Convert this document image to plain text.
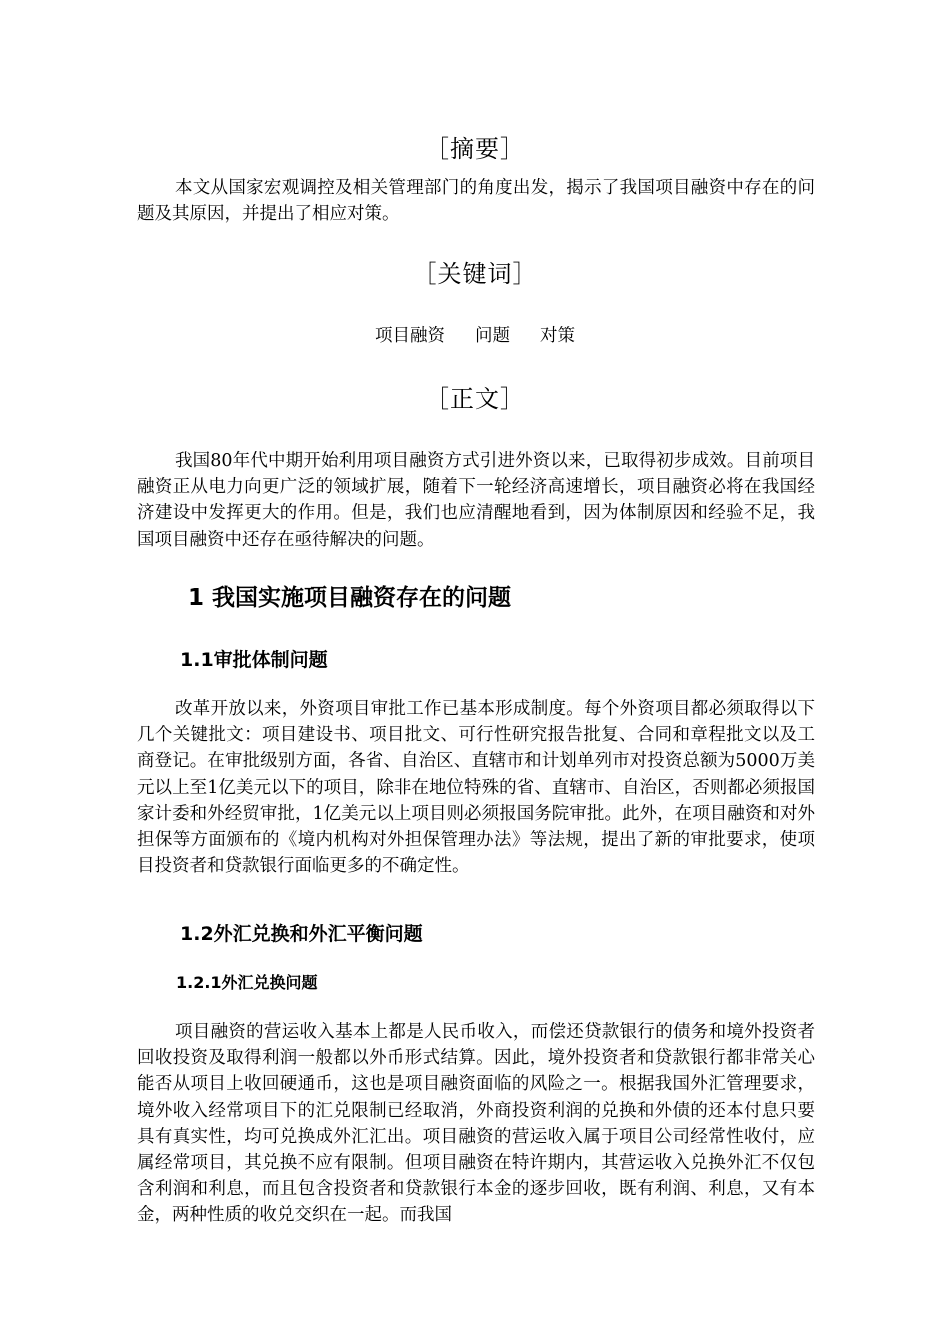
［摘要］

本文从国家宏观调控及相关管理部门的角度出发，揭示了我国项目融资中存在的问题及其原因，并提出了相应对策。

［关键词］
项目融资 问题 对策
［正文］

我国80年代中期开始利用项目融资方式引进外资以来，已取得初步成效。目前项目融资正从电力向更广泛的领域扩展，随着下一轮经济高速增长，项目融资必将在我国经济建设中发挥更大的作用。但是，我们也应清醒地看到，因为体制原因和经验不足，我国项目融资中还存在亟待解决的问题。

1 我国实施项目融资存在的问题
1.1审批体制问题

改革开放以来，外资项目审批工作已基本形成制度。每个外资项目都必须取得以下几个关键批文：项目建设书、项目批文、可行性研究报告批复、合同和章程批文以及工商登记。在审批级别方面，各省、自治区、直辖市和计划单列市对投资总额为5000万美元以上至1亿美元以下的项目，除非在地位特殊的省、直辖市、自治区，否则都必须报国家计委和外经贸审批，1亿美元以上项目则必须报国务院审批。此外，在项目融资和对外担保等方面颁布的《境内机构对外担保管理办法》等法规，提出了新的审批要求，使项目投资者和贷款银行面临更多的不确定性。

1.2外汇兑换和外汇平衡问题
1.2.1外汇兑换问题

项目融资的营运收入基本上都是人民币收入，而偿还贷款银行的债务和境外投资者回收投资及取得利润一般都以外币形式结算。因此，境外投资者和贷款银行都非常关心能否从项目上收回硬通币，这也是项目融资面临的风险之一。根据我国外汇管理要求，境外收入经常项目下的汇兑限制已经取消，外商投资利润的兑换和外债的还本付息只要具有真实性，均可兑换成外汇汇出。项目融资的营运收入属于项目公司经常性收付，应属经常项目，其兑换不应有限制。但项目融资在特许期内，其营运收入兑换外汇不仅包含利润和利息，而且包含投资者和贷款银行本金的逐步回收，既有利润、利息，又有本金，两种性质的收兑交织在一起。而我国
